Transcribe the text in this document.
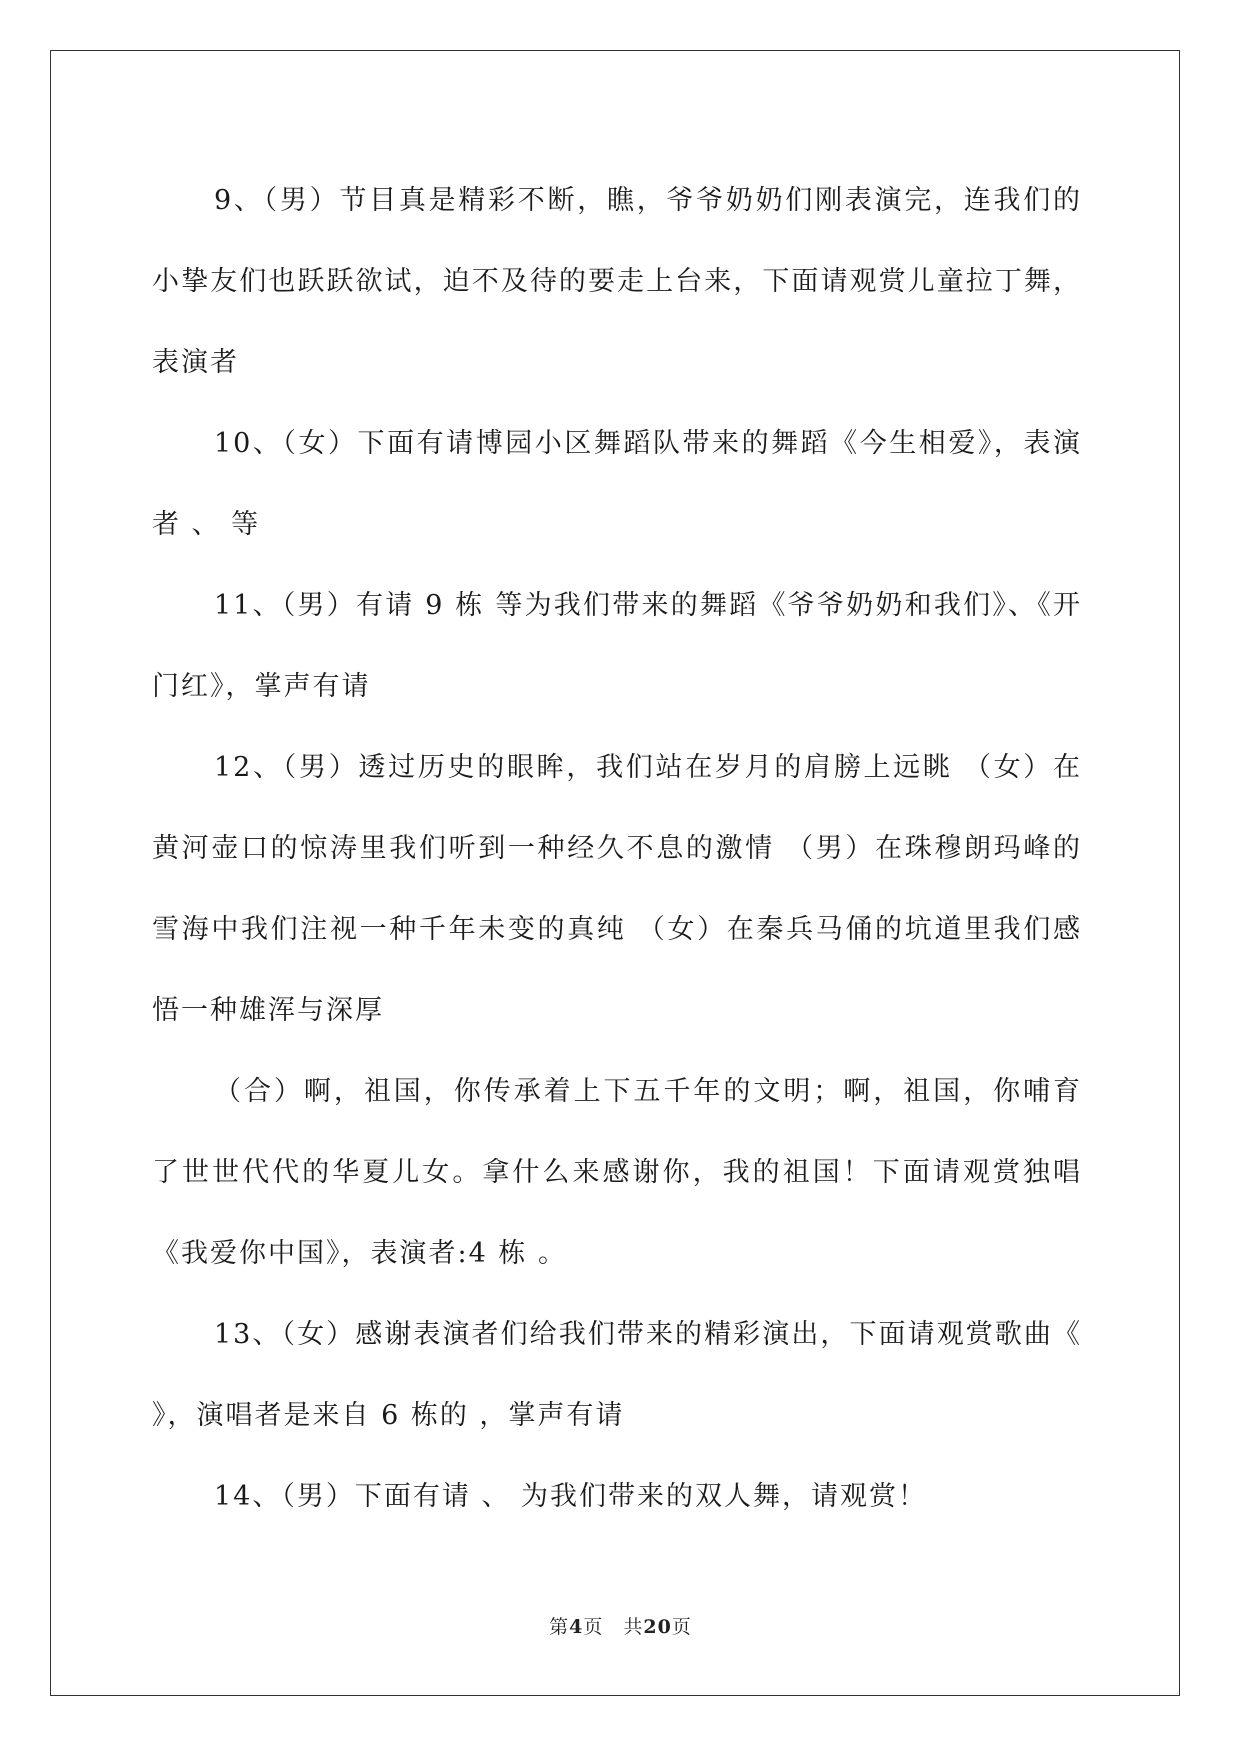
9、（男）节目真是精彩不断，瞧，爷爷奶奶们刚表演完，连我们的小挚友们也跃跃欲试，迫不及待的要走上台来，下面请观赏儿童拉丁舞，表演者

10、（女）下面有请博园小区舞蹈队带来的舞蹈《今生相爱》，表演者 、 等

11、（男）有请 9 栋 等为我们带来的舞蹈《爷爷奶奶和我们》、《开门红》，掌声有请

12、（男）透过历史的眼眸，我们站在岁月的肩膀上远眺 （女）在黄河壶口的惊涛里我们听到一种经久不息的激情 （男）在珠穆朗玛峰的雪海中我们注视一种千年未变的真纯 （女）在秦兵马俑的坑道里我们感悟一种雄浑与深厚

（合）啊，祖国，你传承着上下五千年的文明；啊，祖国，你哺育了世世代代的华夏儿女。拿什么来感谢你，我的祖国！下面请观赏独唱《我爱你中国》，表演者:4 栋 。

13、（女）感谢表演者们给我们带来的精彩演出，下面请观赏歌曲《 》，演唱者是来自 6 栋的 ，掌声有请

14、（男）下面有请 、 为我们带来的双人舞，请观赏！

第4页　共20页
